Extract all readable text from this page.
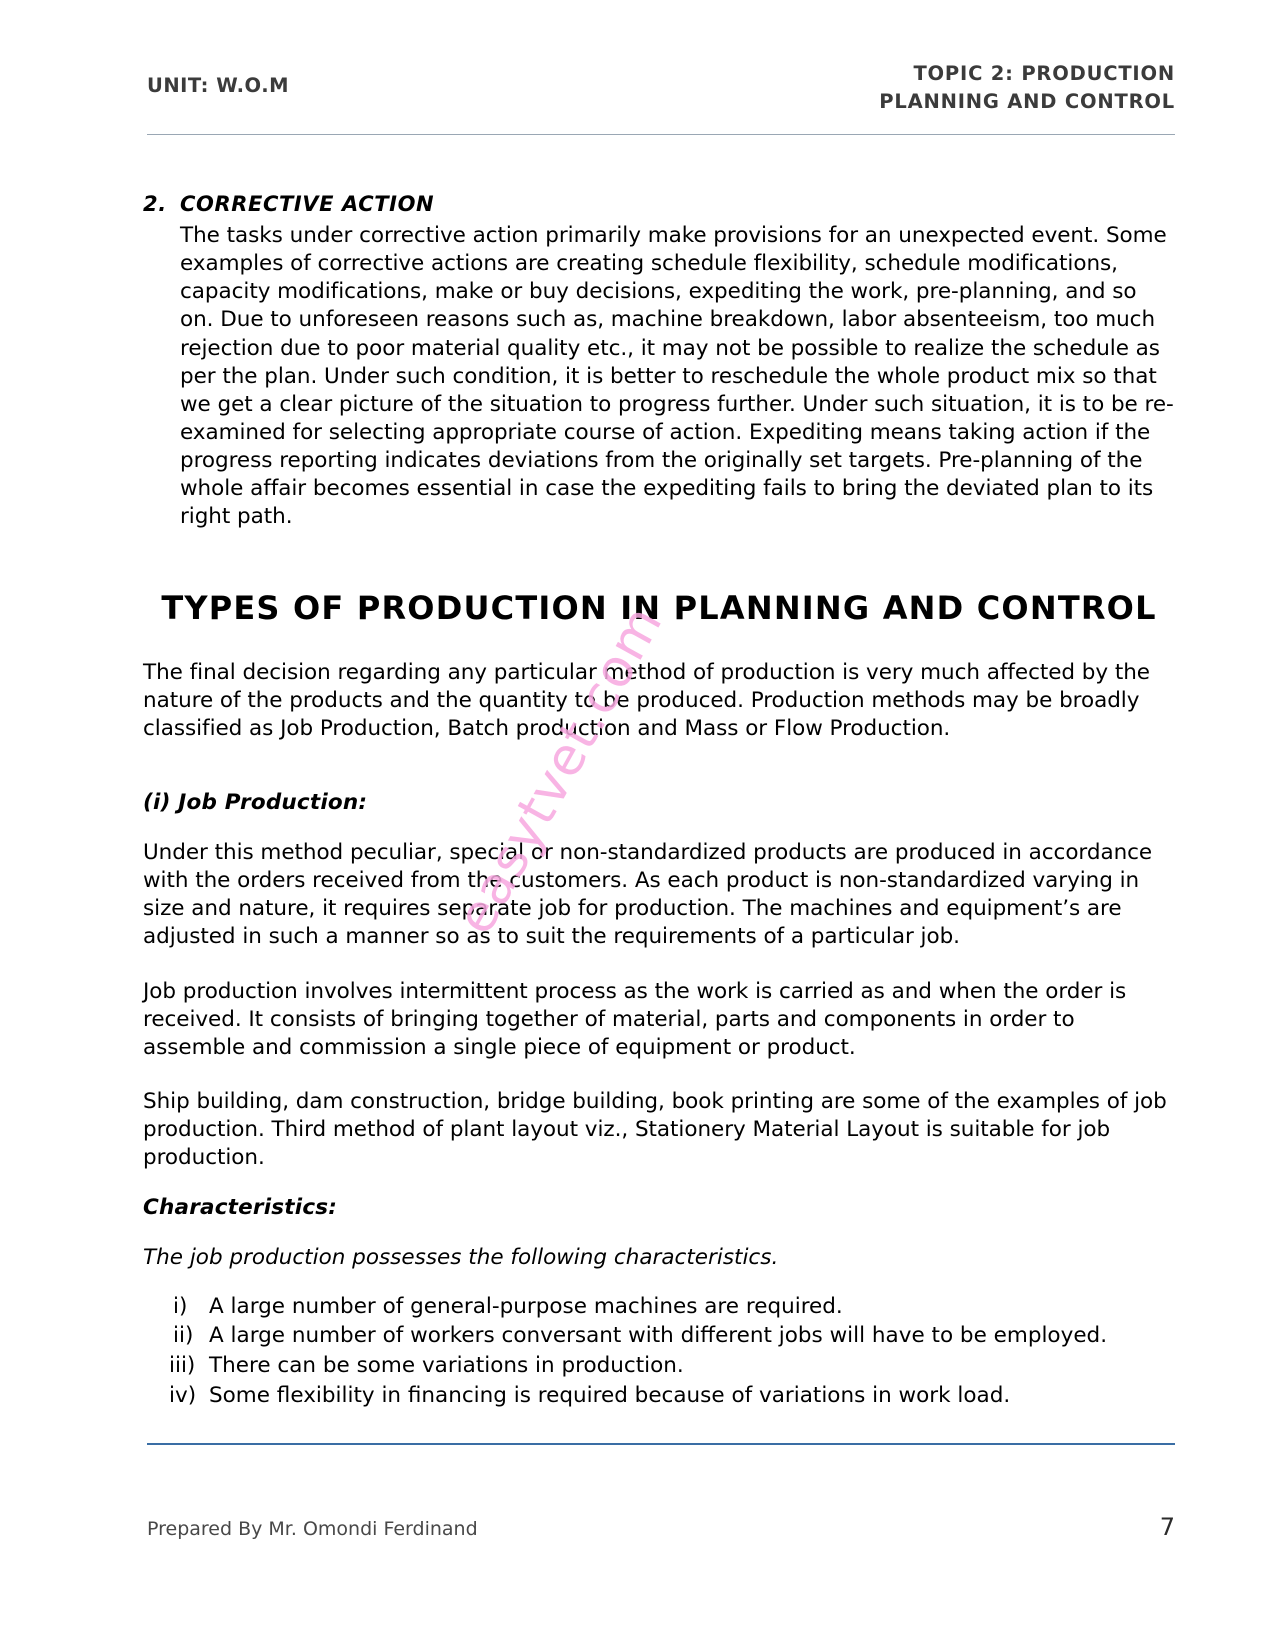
UNIT: W.O.M
TOPIC 2: PRODUCTION
PLANNING AND CONTROL
2. CORRECTIVE ACTION

The tasks under corrective action primarily make provisions for an unexpected event. Some examples of corrective actions are creating schedule flexibility, schedule modifications, capacity modifications, make or buy decisions, expediting the work, pre-planning, and so on. Due to unforeseen reasons such as, machine breakdown, labor absenteeism, too much rejection due to poor material quality etc., it may not be possible to realize the schedule as per the plan. Under such condition, it is better to reschedule the whole product mix so that we get a clear picture of the situation to progress further. Under such situation, it is to be re-examined for selecting appropriate course of action. Expediting means taking action if the progress reporting indicates deviations from the originally set targets. Pre-planning of the whole affair becomes essential in case the expediting fails to bring the deviated plan to its right path.

TYPES OF PRODUCTION IN PLANNING AND CONTROL

The final decision regarding any particular method of production is very much affected by the nature of the products and the quantity to be produced. Production methods may be broadly classified as Job Production, Batch production and Mass or Flow Production.

(i) Job Production:

Under this method peculiar, special or non-standardized products are produced in accordance with the orders received from the customers. As each product is non-standardized varying in size and nature, it requires separate job for production. The machines and equipment’s are adjusted in such a manner so as to suit the requirements of a particular job.

Job production involves intermittent process as the work is carried as and when the order is received. It consists of bringing together of material, parts and components in order to assemble and commission a single piece of equipment or product.

Ship building, dam construction, bridge building, book printing are some of the examples of job production. Third method of plant layout viz., Stationery Material Layout is suitable for job production.

Characteristics:

The job production possesses the following characteristics.

i)	A large number of general-purpose machines are required.
ii) A large number of workers conversant with different jobs will have to be employed.
iii) There can be some variations in production.
iv) Some flexibility in financing is required because of variations in work load.
easytvet.com
Prepared By Mr. Omondi Ferdinand	7
